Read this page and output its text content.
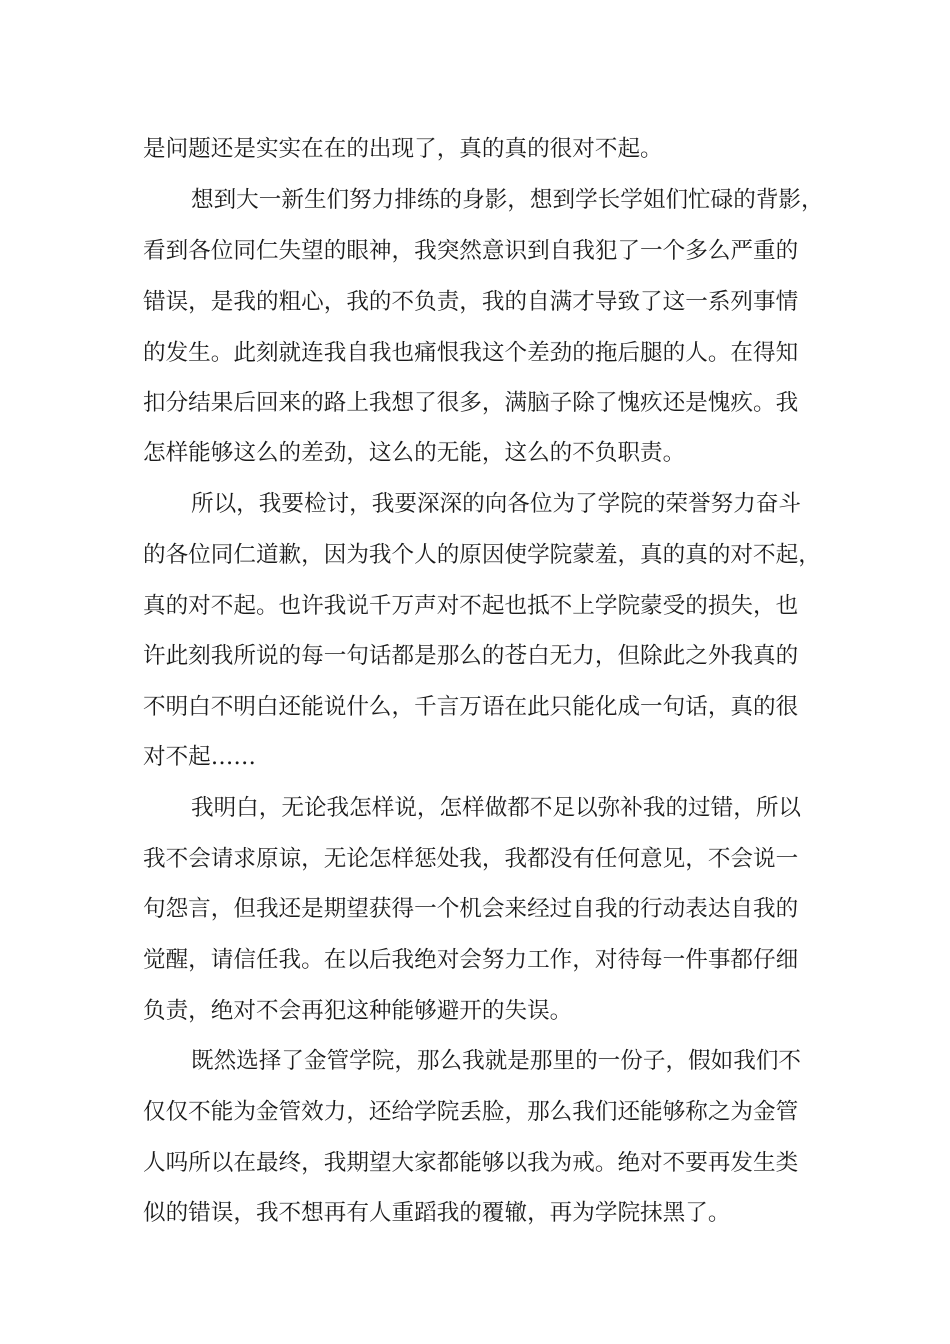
是问题还是实实在在的出现了，真的真的很对不起。
想到大一新生们努力排练的身影，想到学长学姐们忙碌的背影，
看到各位同仁失望的眼神，我突然意识到自我犯了一个多么严重的
错误，是我的粗心，我的不负责，我的自满才导致了这一系列事情
的发生。此刻就连我自我也痛恨我这个差劲的拖后腿的人。在得知
扣分结果后回来的路上我想了很多，满脑子除了愧疚还是愧疚。我
怎样能够这么的差劲，这么的无能，这么的不负职责。
所以，我要检讨，我要深深的向各位为了学院的荣誉努力奋斗
的各位同仁道歉，因为我个人的原因使学院蒙羞，真的真的对不起，
真的对不起。也许我说千万声对不起也抵不上学院蒙受的损失，也
许此刻我所说的每一句话都是那么的苍白无力，但除此之外我真的
不明白不明白还能说什么，千言万语在此只能化成一句话，真的很
对不起……
我明白，无论我怎样说，怎样做都不足以弥补我的过错，所以
我不会请求原谅，无论怎样惩处我，我都没有任何意见，不会说一
句怨言，但我还是期望获得一个机会来经过自我的行动表达自我的
觉醒，请信任我。在以后我绝对会努力工作，对待每一件事都仔细
负责，绝对不会再犯这种能够避开的失误。
既然选择了金管学院，那么我就是那里的一份子，假如我们不
仅仅不能为金管效力，还给学院丢脸，那么我们还能够称之为金管
人吗所以在最终，我期望大家都能够以我为戒。绝对不要再发生类
似的错误，我不想再有人重蹈我的覆辙，再为学院抹黑了。
